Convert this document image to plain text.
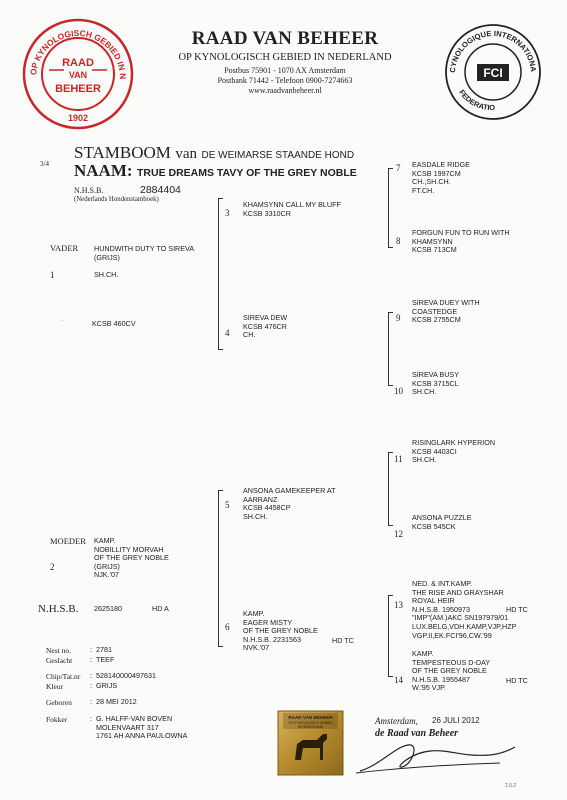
OP KYNOLOGISCH GEBIED IN N
RAAD
VAN
BEHEER
1902
RAAD VAN BEHEER
OP KYNOLOGISCH GEBIED IN NEDERLAND
Postbus 75901 - 1070 AX Amsterdam
Postbank 71442 - Telefoon 0900-7274663
www.raadvanbeheer.nl
CYNOLOGIQUE INTERNATIONA
FEDERATIO
FCI
3/4
STAMBOOM van DE WEIMARSE STAANDE HOND
NAAM: TRUE DREAMS TAVY OF THE GREY NOBLE
N.H.S.B.	2884404
(Nederlands Hondenstamboek)
VADER
1
HUNDWITH DUTY TO SIREVA
(GRIJS)
SH.CH.
·	KCSB 460CV
MOEDER
2
KAMP.
NOBILLITY MORVAH
OF THE GREY NOBLE
(GRIJS)
NJK.'07
N.H.S.B. 2625180	HD A
3
KHAMSYNN CALL MY BLUFF
KCSB 3310CR
4
SIREVA DEW
KCSB 476CR
CH.
5
ANSONA GAMEKEEPER AT
AARRANZ
KCSB 4458CP
SH.CH.
6
KAMP.
EAGER MISTY
OF THE GREY NOBLE
N.H.S.B. 2231563
NVK.'07
HD TC
7 EASDALE RIDGE
KCSB 1997CM
CH.,SH.CH.
FT.CH.
8
FORGUN FUN TO RUN WITH
KHAMSYNN
KCSB 713CM
9
SIREVA DUEY WITH
COASTEDGE
KCSB 2755CM
10
SIREVA BUSY
KCSB 3715CL
SH.CH.
11
RISINGLARK HYPERION
KCSB 4403CI
SH.CH.
12
ANSONA PUZZLE
KCSB 545CK
13
NED. & INT.KAMP.
THE RISE AND GRAYSHAR
ROYAL HEIR
N.H.S.B. 1950973
"IMP"(AM.)AKC SN197979/01
LUX.BELG,VDH.KAMP,VJP,HZP
VGP.II,EK.FCI'96,CW.'99
HD TC
14
KAMP.
TEMPESTEOUS D-DAY
OF THE GREY NOBLE
N.H.S.B. 1955487
W.'95 VJP.
HD TC
Nest no.	:	2781
Geslacht	:	TEEF

Chip/Tat.nr	:	528140000497631
Kleur	:	GRIJS

Geboren	:	28 MEI 2012

Fokker	:	G. HALFF-VAN BOVEN
MOLENVAART 317
1761 AH ANNA PAULOWNA
RAAD VAN BEHEER
OP KYNOLOGISCH GEBIED
IN NEDERLAND
Amsterdam, 26 JULI 2012
de Raad van Beheer
2.0.2
